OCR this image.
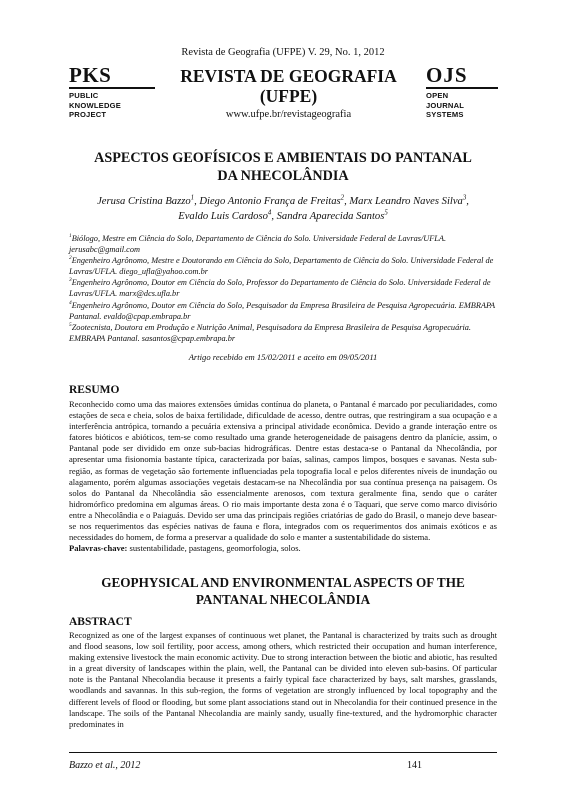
Revista de Geografia (UFPE) V. 29, No. 1, 2012
PKS
PUBLIC
KNOWLEDGE
PROJECT
REVISTA DE GEOGRAFIA
(UFPE)
www.ufpe.br/revistageografia
OJS
OPEN
JOURNAL
SYSTEMS
ASPECTOS GEOFÍSICOS E AMBIENTAIS DO PANTANAL
DA NHECOLÂNDIA
Jerusa Cristina Bazzo$^1$, Diego Antonio França de Freitas$^2$, Marx Leandro Naves Silva$^3$,
Evaldo Luis Cardoso$^4$, Sandra Aparecida Santos$^5$

$^1$Biólogo, Mestre em Ciência do Solo, Departamento de Ciência do Solo. Universidade Federal de Lavras/UFLA. jerusabc@gmail.com

$^2$Engenheiro Agrônomo, Mestre e Doutorando em Ciência do Solo, Departamento de Ciência do Solo. Universidade Federal de Lavras/UFLA. diego_ufla@yahoo.com.br

$^3$Engenheiro Agrônomo, Doutor em Ciência do Solo, Professor do Departamento de Ciência do Solo. Universidade Federal de Lavras/UFLA. marx@dcs.ufla.br

$^4$Engenheiro Agrônomo, Doutor em Ciência do Solo, Pesquisador da Empresa Brasileira de Pesquisa Agropecuária. EMBRAPA Pantanal. evaldo@cpap.embrapa.br

$^5$Zootecnista, Doutora em Produção e Nutrição Animal, Pesquisadora da Empresa Brasileira de Pesquisa Agropecuária. EMBRAPA Pantanal. sasantos@cpap.embrapa.br

Artigo recebido em 15/02/2011 e aceito em 09/05/2011
RESUMO

Reconhecido como uma das maiores extensões úmidas contínua do planeta, o Pantanal é marcado por peculiaridades, como estações de seca e cheia, solos de baixa fertilidade, dificuldade de acesso, dentre outras, que restringiram a sua ocupação e a interferência antrópica, tornando a pecuária extensiva a principal atividade econômica. Devido a grande interação entre os fatores bióticos e abióticos, tem-se como resultado uma grande heterogeneidade de paisagens dentro da planície, assim, o Pantanal pode ser dividido em onze sub-bacias hidrográficas. Dentre estas destaca-se o Pantanal da Nhecolândia, por apresentar uma fisionomia bastante típica, caracterizada por baías, salinas, campos limpos, bosques e savanas. Nesta sub-região, as formas de vegetação são fortemente influenciadas pela topografia local e pelos diferentes níveis de inundação ou alagamento, porém algumas associações vegetais destacam-se na Nhecolândia por sua contínua presença na paisagem. Os solos do Pantanal da Nhecolândia são essencialmente arenosos, com textura geralmente fina, sendo que o caráter hidromórfico predomina em algumas áreas. O rio mais importante desta zona é o Taquari, que serve como marco divisório entre a Nhecolândia e o Paiaguás. Devido ser uma das principais regiões criatórias de gado do Brasil, o manejo deve basear-se nos requerimentos das espécies nativas de fauna e flora, integrados com os requerimentos dos animais exóticos e as necessidades do homem, de forma a preservar a qualidade do solo e manter a sustentabilidade do sistema.

Palavras-chave: sustentabilidade, pastagens, geomorfologia, solos.

GEOPHYSICAL AND ENVIRONMENTAL ASPECTS OF THE
PANTANAL NHECOLÂNDIA
ABSTRACT
Recognized as one of the largest expanses of continuous wet planet, the Pantanal is characterized by traits such as drought and flood seasons, low soil fertility, poor access, among others, which restricted their occupation and human interference, making extensive livestock the main economic activity. Due to strong interaction between the biotic and abiotic, has resulted in a great diversity of landscapes within the plain, well, the Pantanal can be divided into eleven sub-basins. Of particular note is the Pantanal Nhecolandia because it presents a fairly typical face characterized by bays, salt marshes, grasslands, woodlands and savannas. In this sub-region, the forms of vegetation are strongly influenced by local topography and the different levels of flood or flooding, but some plant associations stand out in Nhecolandia for their continued presence in the landscape. The soils of the Pantanal Nhecolandia are mainly sandy, usually fine-textured, and the hydromorphic character predominates in
Bazzo et al., 2012	141
